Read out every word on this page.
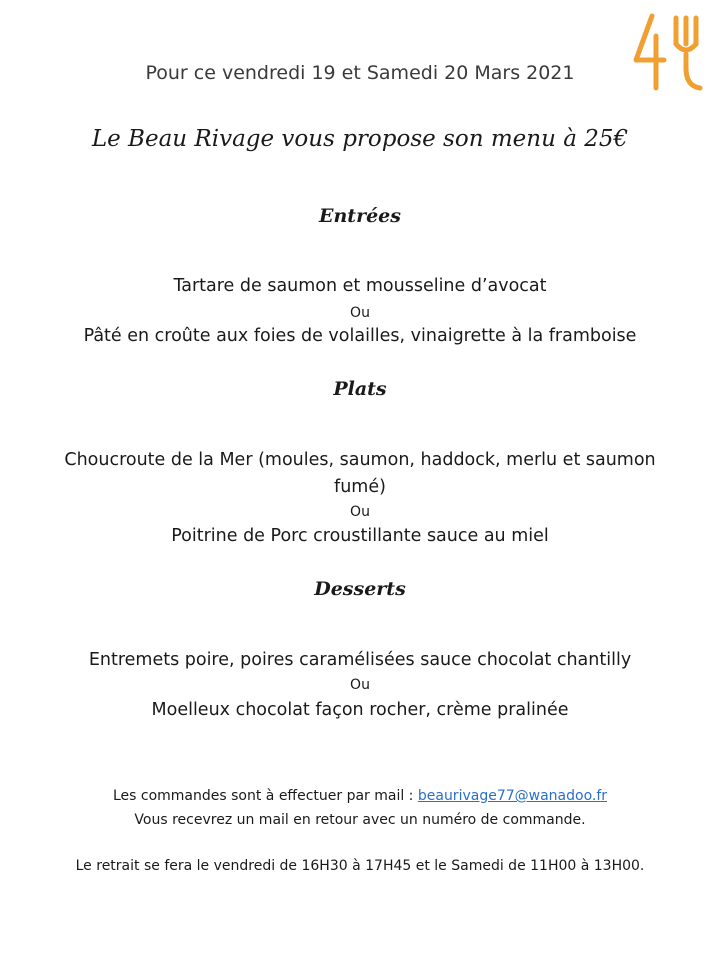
Pour ce vendredi 19 et Samedi 20 Mars 2021
Le Beau Rivage vous propose son menu à 25€
Entrées
Tartare de saumon et mousseline d’avocat
Ou
Pâté en croûte aux foies de volailles, vinaigrette à la framboise
Plats
Choucroute de la Mer (moules, saumon, haddock, merlu et saumon
fumé)
Ou
Poitrine de Porc croustillante sauce au miel
Desserts
Entremets poire, poires caramélisées sauce chocolat chantilly
Ou
Moelleux chocolat façon rocher, crème pralinée
Les commandes sont à effectuer par mail : beaurivage77@wanadoo.fr
Vous recevrez un mail en retour avec un numéro de commande.
Le retrait se fera le vendredi de 16H30 à 17H45 et le Samedi de 11H00 à 13H00.
